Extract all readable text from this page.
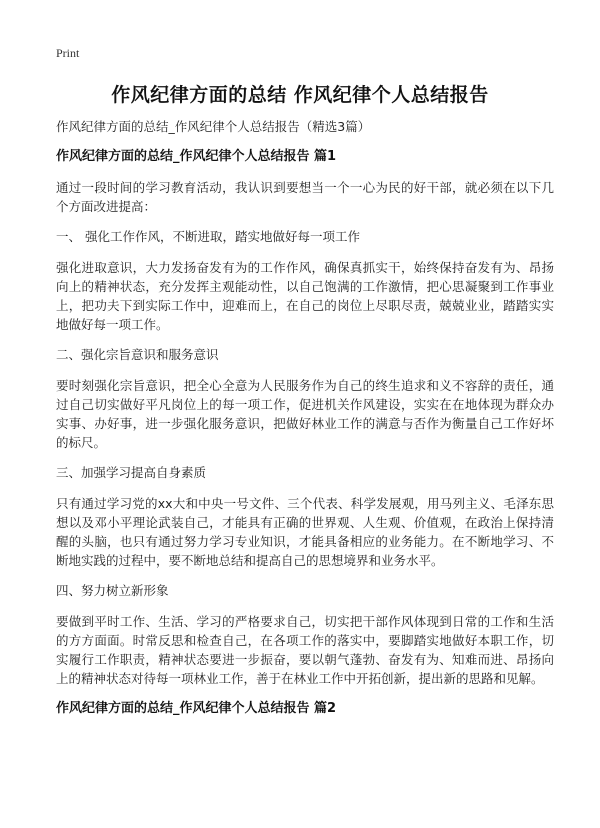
Print
作风纪律方面的总结 作风纪律个人总结报告
作风纪律方面的总结_作风纪律个人总结报告（精选3篇）
作风纪律方面的总结_作风纪律个人总结报告 篇1
通过一段时间的学习教育活动，我认识到要想当一个一心为民的好干部，就必须在以下几个方面改进提高：
一、 强化工作作风，不断进取，踏实地做好每一项工作
强化进取意识，大力发扬奋发有为的工作作风，确保真抓实干，始终保持奋发有为、昂扬向上的精神状态，充分发挥主观能动性，以自己饱满的工作激情，把心思凝聚到工作事业上，把功夫下到实际工作中，迎难而上，在自己的岗位上尽职尽责，兢兢业业，踏踏实实地做好每一项工作。
二、强化宗旨意识和服务意识
要时刻强化宗旨意识，把全心全意为人民服务作为自己的终生追求和义不容辞的责任，通过自己切实做好平凡岗位上的每一项工作，促进机关作风建设，实实在在地体现为群众办实事、办好事，进一步强化服务意识，把做好林业工作的满意与否作为衡量自己工作好坏的标尺。
三、加强学习提高自身素质
只有通过学习党的xx大和中央一号文件、三个代表、科学发展观，用马列主义、毛泽东思想以及邓小平理论武装自己，才能具有正确的世界观、人生观、价值观，在政治上保持清醒的头脑，也只有通过努力学习专业知识，才能具备相应的业务能力。在不断地学习、不断地实践的过程中，要不断地总结和提高自己的思想境界和业务水平。
四、努力树立新形象
要做到平时工作、生活、学习的严格要求自己，切实把干部作风体现到日常的工作和生活的方方面面。时常反思和检查自己，在各项工作的落实中，要脚踏实地做好本职工作，切实履行工作职责，精神状态要进一步振奋，要以朝气蓬勃、奋发有为、知难而进、昂扬向上的精神状态对待每一项林业工作，善于在林业工作中开拓创新，提出新的思路和见解。
作风纪律方面的总结_作风纪律个人总结报告 篇2
